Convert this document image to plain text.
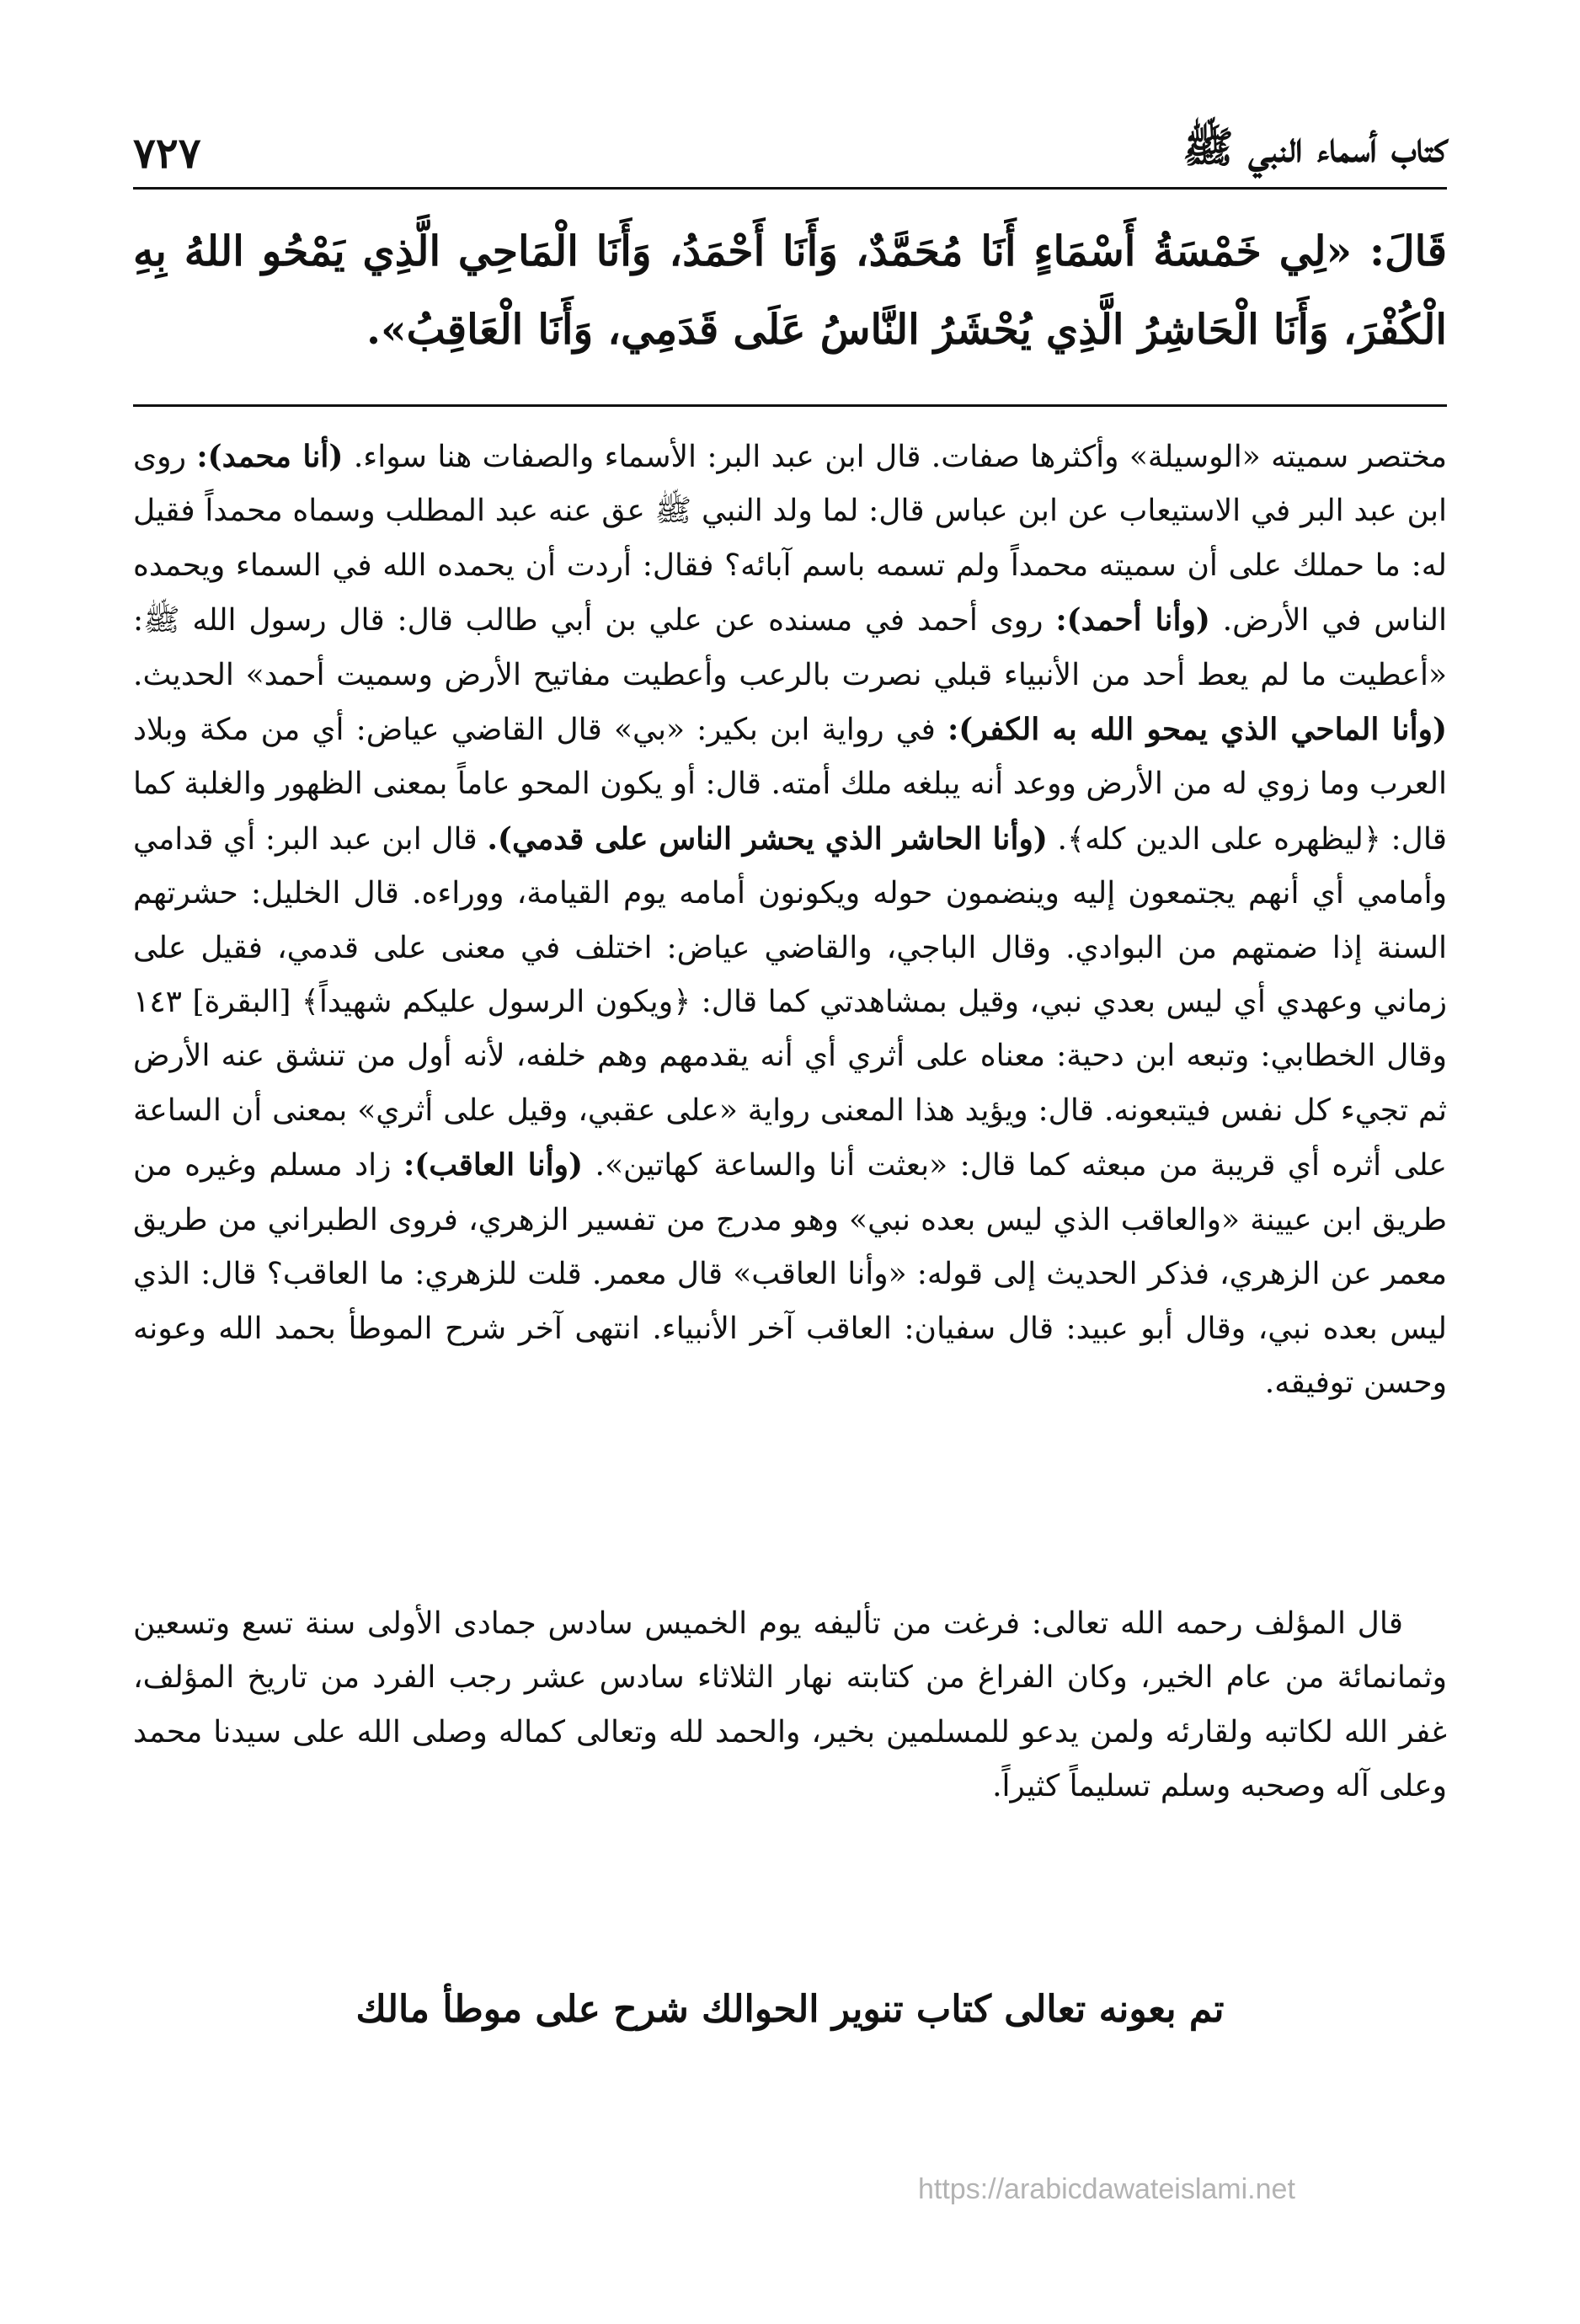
كتاب أسماء النبي ﷺ
٧٢٧
قَالَ: «لِي خَمْسَةُ أَسْمَاءٍ أَنَا مُحَمَّدٌ، وَأَنَا أَحْمَدُ، وَأَنَا الْمَاحِي الَّذِي يَمْحُو اللهُ بِهِ الْكُفْرَ، وَأَنَا الْحَاشِرُ الَّذِي يُحْشَرُ النَّاسُ عَلَى قَدَمِي، وَأَنَا الْعَاقِبُ».

مختصر سميته «الوسيلة» وأكثرها صفات. قال ابن عبد البر: الأسماء والصفات هنا سواء. (أنا محمد): روى ابن عبد البر في الاستيعاب عن ابن عباس قال: لما ولد النبي ﷺ عق عنه عبد المطلب وسماه محمداً فقيل له: ما حملك على أن سميته محمداً ولم تسمه باسم آبائه؟ فقال: أردت أن يحمده الله في السماء ويحمده الناس في الأرض. (وأنا أحمد): روى أحمد في مسنده عن علي بن أبي طالب قال: قال رسول الله ﷺ: «أعطيت ما لم يعط أحد من الأنبياء قبلي نصرت بالرعب وأعطيت مفاتيح الأرض وسميت أحمد» الحديث. (وأنا الماحي الذي يمحو الله به الكفر): في رواية ابن بكير: «بي» قال القاضي عياض: أي من مكة وبلاد العرب وما زوي له من الأرض ووعد أنه يبلغه ملك أمته. قال: أو يكون المحو عاماً بمعنى الظهور والغلبة كما قال: ﴿ليظهره على الدين كله﴾. (وأنا الحاشر الذي يحشر الناس على قدمي). قال ابن عبد البر: أي قدامي وأمامي أي أنهم يجتمعون إليه وينضمون حوله ويكونون أمامه يوم القيامة، ووراءه. قال الخليل: حشرتهم السنة إذا ضمتهم من البوادي. وقال الباجي، والقاضي عياض: اختلف في معنى على قدمي، فقيل على زماني وعهدي أي ليس بعدي نبي، وقيل بمشاهدتي كما قال: ﴿ويكون الرسول عليكم شهيداً﴾ [البقرة] ١٤٣ وقال الخطابي: وتبعه ابن دحية: معناه على أثري أي أنه يقدمهم وهم خلفه، لأنه أول من تنشق عنه الأرض ثم تجيء كل نفس فيتبعونه. قال: ويؤيد هذا المعنى رواية «على عقبي، وقيل على أثري» بمعنى أن الساعة على أثره أي قريبة من مبعثه كما قال: «بعثت أنا والساعة كهاتين». (وأنا العاقب): زاد مسلم وغيره من طريق ابن عيينة «والعاقب الذي ليس بعده نبي» وهو مدرج من تفسير الزهري، فروى الطبراني من طريق معمر عن الزهري، فذكر الحديث إلى قوله: «وأنا العاقب» قال معمر. قلت للزهري: ما العاقب؟ قال: الذي ليس بعده نبي، وقال أبو عبيد: قال سفيان: العاقب آخر الأنبياء. انتهى آخر شرح الموطأ بحمد الله وعونه وحسن توفيقه.

قال المؤلف رحمه الله تعالى: فرغت من تأليفه يوم الخميس سادس جمادى الأولى سنة تسع وتسعين وثمانمائة من عام الخير، وكان الفراغ من كتابته نهار الثلاثاء سادس عشر رجب الفرد من تاريخ المؤلف، غفر الله لكاتبه ولقارئه ولمن يدعو للمسلمين بخير، والحمد لله وتعالى كماله وصلى الله على سيدنا محمد وعلى آله وصحبه وسلم تسليماً كثيراً.
تم بعونه تعالى كتاب تنوير الحوالك شرح على موطأ مالك
https://arabicdawateislami.net
